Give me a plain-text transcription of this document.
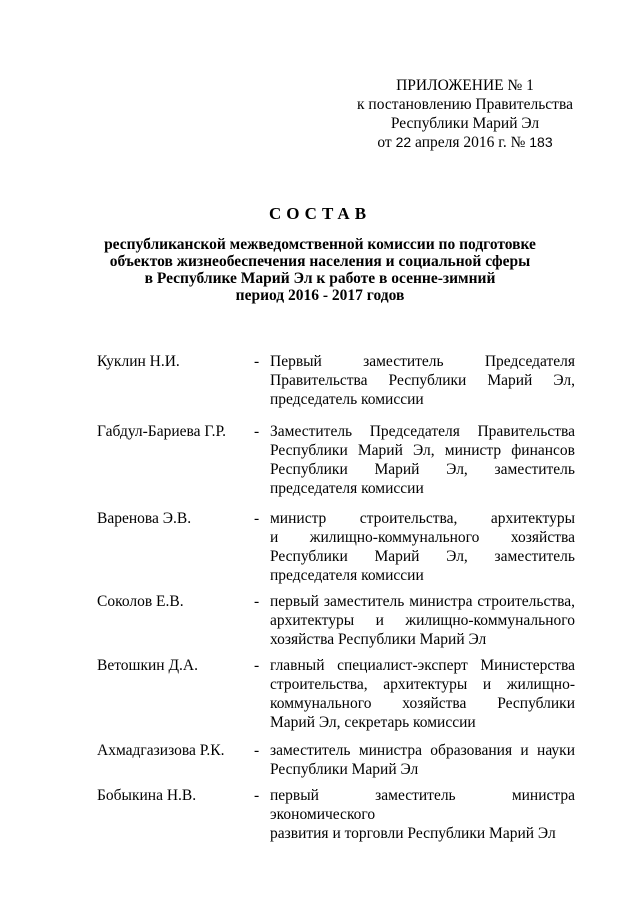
ПРИЛОЖЕНИЕ № 1
к постановлению Правительства
Республики Марий Эл
от 22 апреля 2016 г. № 183
СОСТАВ
республиканской межведомственной комиссии по подготовке
объектов жизнеобеспечения населения и социальной сферы
в Республике Марий Эл к работе в осенне-зимний
период 2016 - 2017 годов
Куклин Н.И.	- Первый заместитель Председателя
Правительства Республики Марий Эл,
председатель комиссии
Габдул-Бариева Г.Р. - Заместитель Председателя Правительства
Республики Марий Эл, министр финансов
Республики Марий Эл, заместитель
председателя комиссии
Варенова Э.В.	- министр строительства, архитектуры
и жилищно-коммунального хозяйства
Республики Марий Эл, заместитель
председателя комиссии
Соколов Е.В.	- первый заместитель министра строительства,
архитектуры и жилищно-коммунального
хозяйства Республики Марий Эл
Ветошкин Д.А.	- главный специалист-эксперт Министерства
строительства, архитектуры и жилищно-
коммунального хозяйства Республики
Марий Эл, секретарь комиссии
Ахмадгазизова Р.К. - заместитель министра образования и науки
Республики Марий Эл
Бобыкина Н.В.	- первый заместитель министра экономического
развития и торговли Республики Марий Эл
